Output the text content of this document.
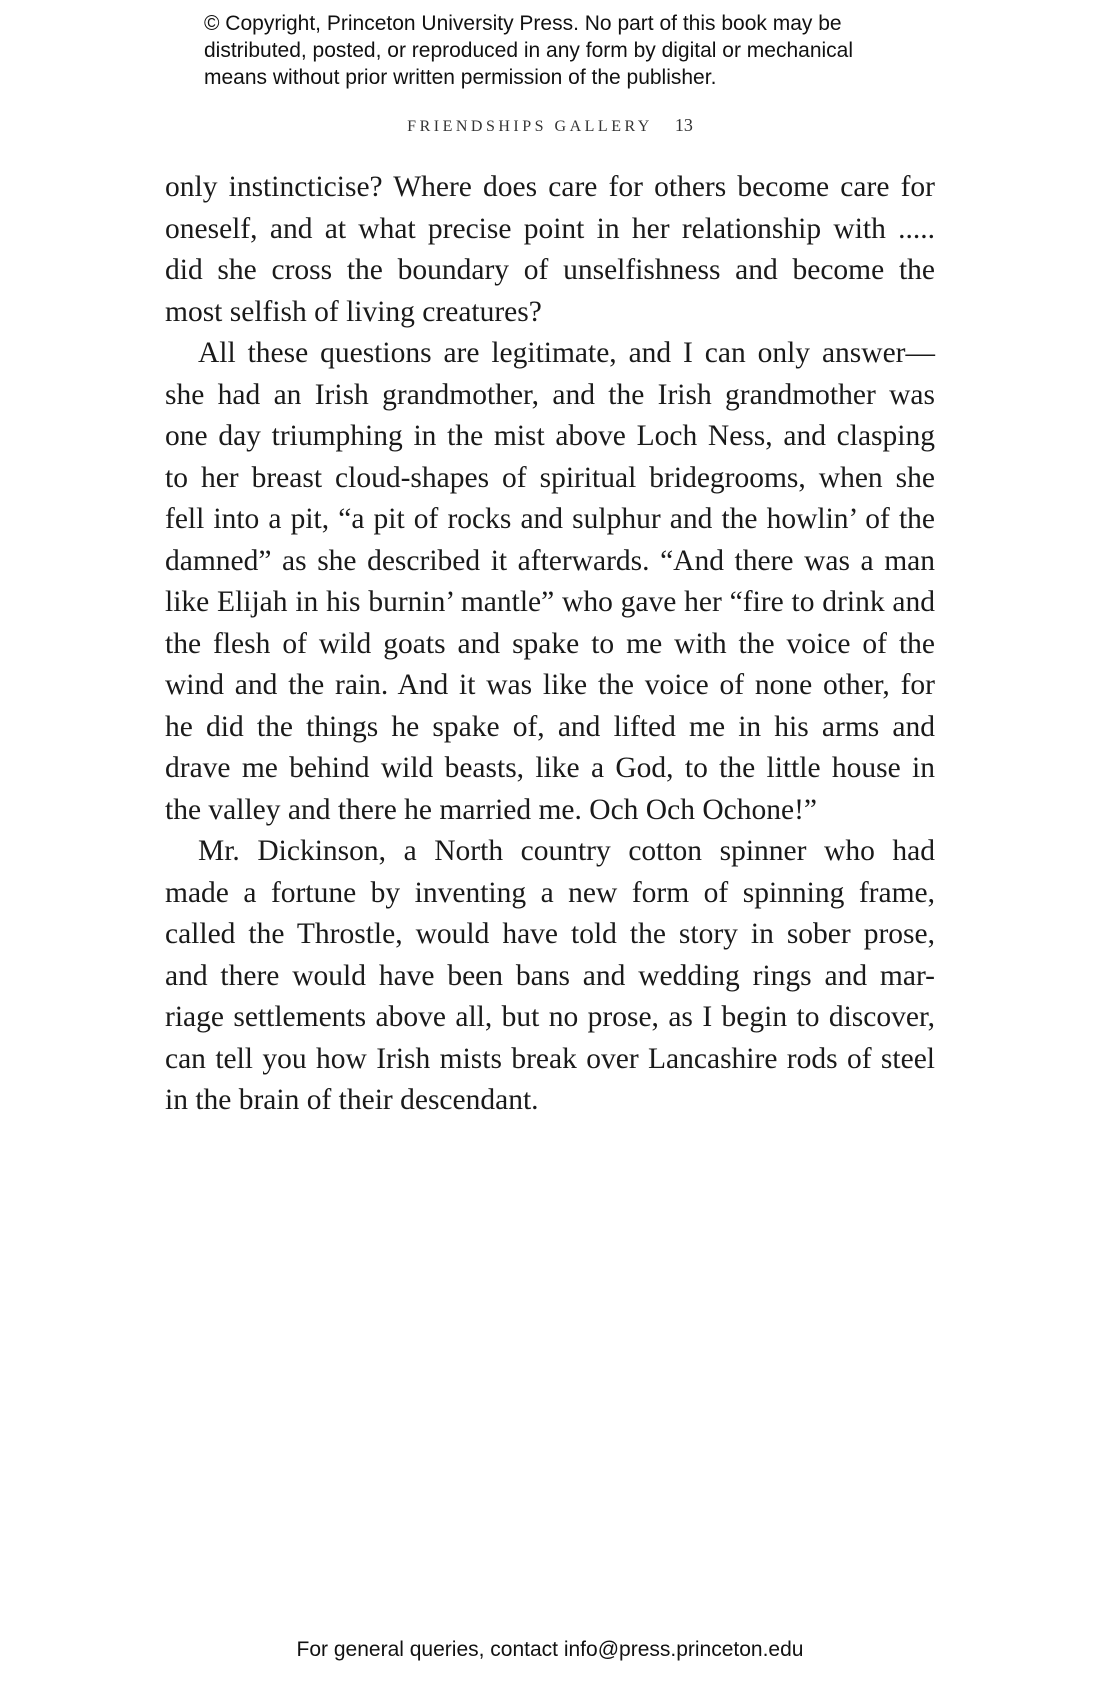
© Copyright, Princeton University Press. No part of this book may be
distributed, posted, or reproduced in any form by digital or mechanical
means without prior written permission of the publisher.
FRIENDSHIPS GALLERY 13
only instincticise? Where does care for others become care for
oneself, and at what precise point in her relationship with .....
did she cross the boundary of unselfishness and become the
most selfish of living creatures?
All these questions are legitimate, and I can only answer—
she had an Irish grandmother, and the Irish grandmother was
one day triumphing in the mist above Loch Ness, and clasping
to her breast cloud-shapes of spiritual bridegrooms, when she
fell into a pit, “a pit of rocks and sulphur and the howlin’ of the
damned” as she described it afterwards. “And there was a man
like Elijah in his burnin’ mantle” who gave her “fire to drink and
the flesh of wild goats and spake to me with the voice of the
wind and the rain. And it was like the voice of none other, for
he did the things he spake of, and lifted me in his arms and
drave me behind wild beasts, like a God, to the little house in
the valley and there he married me. Och Och Ochone!”
Mr. Dickinson, a North country cotton spinner who had
made a fortune by inventing a new form of spinning frame,
called the Throstle, would have told the story in sober prose,
and there would have been bans and wedding rings and mar-
riage settlements above all, but no prose, as I begin to discover,
can tell you how Irish mists break over Lancashire rods of steel
in the brain of their descendant.
For general queries, contact info@press.princeton.edu
